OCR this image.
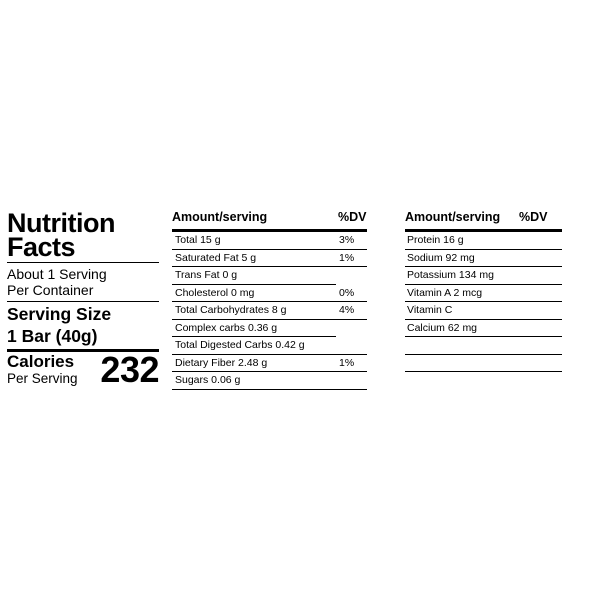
Nutrition
Facts
About 1 Serving
Per Container
Serving Size
1 Bar (40g)
Calories
Per Serving 232
Amount/serving	%DV
Total 15 g	3%
Saturated Fat 5 g	1%
Trans Fat 0 g
Cholesterol 0 mg	0%
Total Carbohydrates 8 g	4%
Complex carbs 0.36 g
Total Digested Carbs 0.42 g
Dietary Fiber 2.48 g	1%
Sugars 0.06 g
Amount/serving %DV
Protein 16 g
Sodium 92 mg
Potassium 134 mg
Vitamin A 2 mcg
Vitamin C
Calcium 62 mg
